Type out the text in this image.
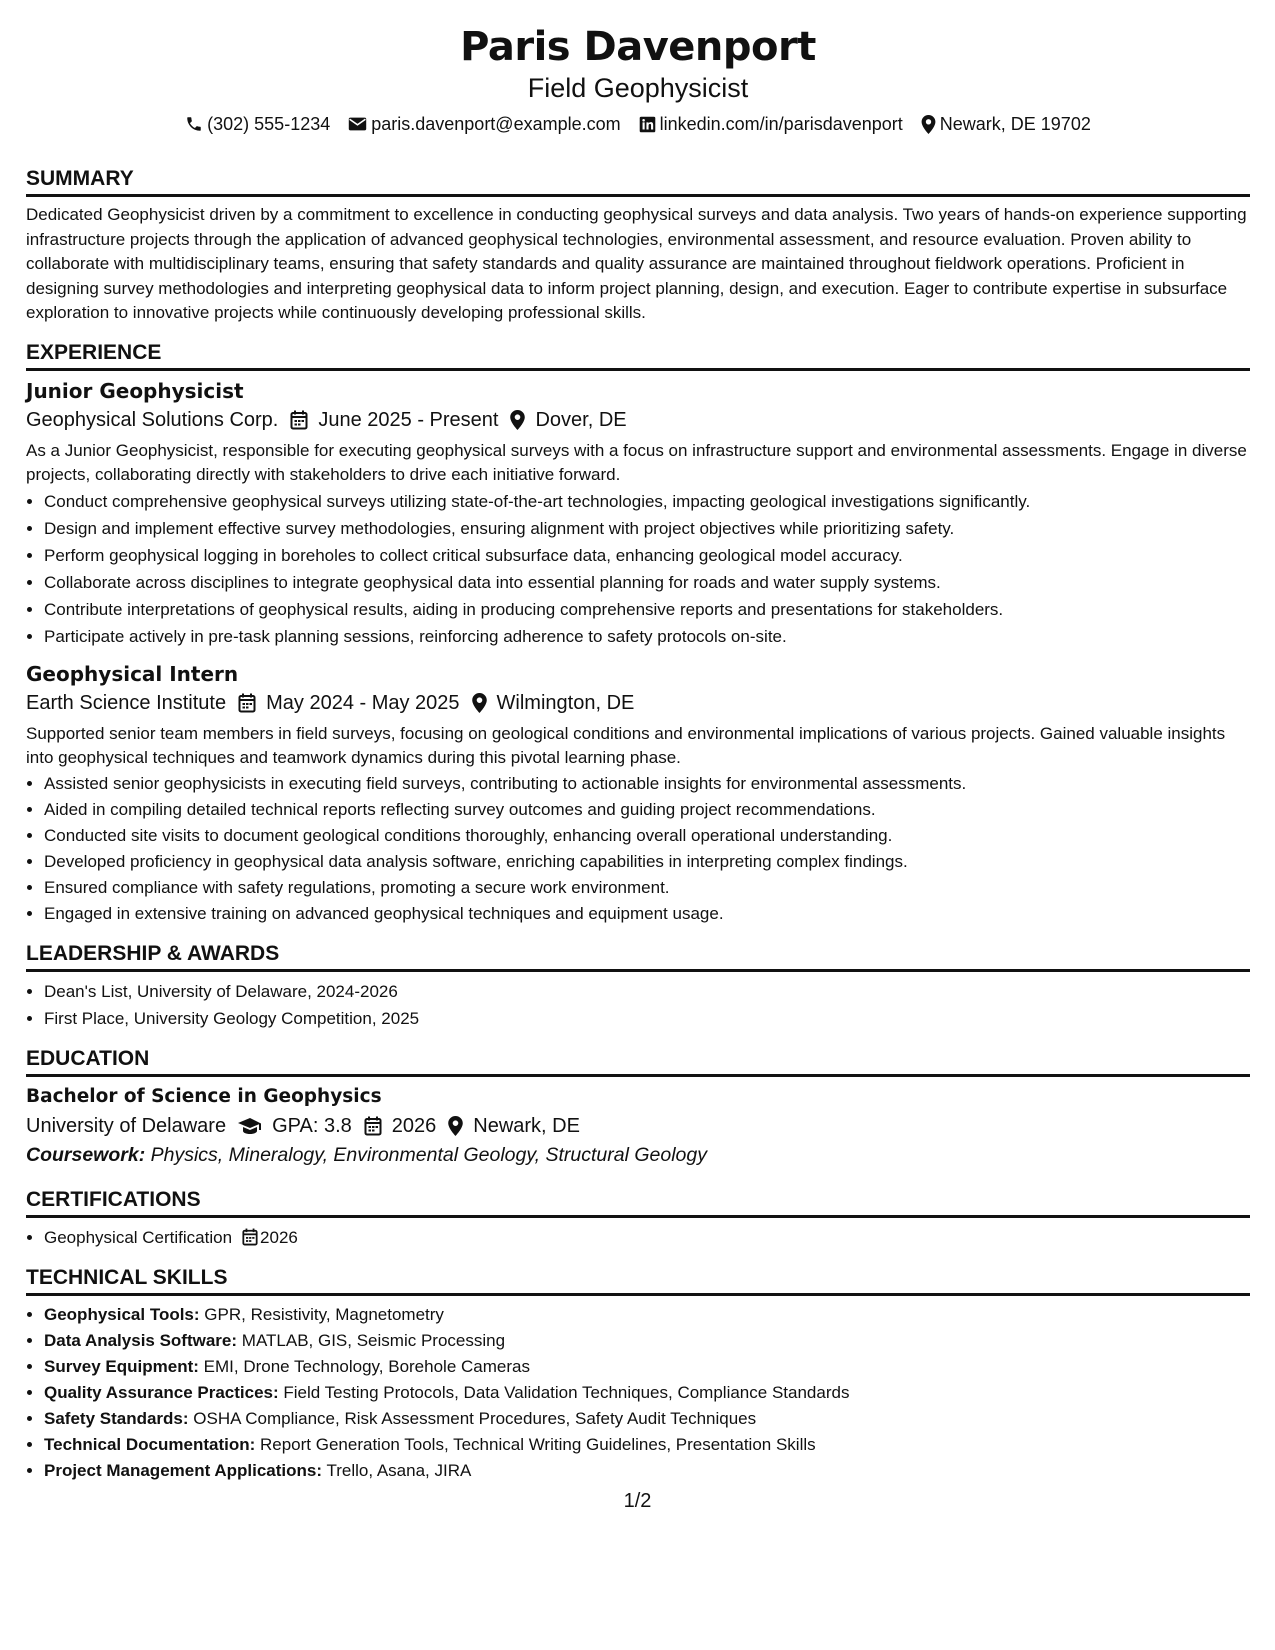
Paris Davenport
Field Geophysicist
(302) 555-1234 paris.davenport@example.com linkedin.com/in/parisdavenport Newark, DE 19702
SUMMARY

Dedicated Geophysicist driven by a commitment to excellence in conducting geophysical surveys and data analysis. Two years of hands-on experience supporting infrastructure projects through the application of advanced geophysical technologies, environmental assessment, and resource evaluation. Proven ability to collaborate with multidisciplinary teams, ensuring that safety standards and quality assurance are maintained throughout fieldwork operations. Proficient in designing survey methodologies and interpreting geophysical data to inform project planning, design, and execution. Eager to contribute expertise in subsurface exploration to innovative projects while continuously developing professional skills.

EXPERIENCE
Junior Geophysicist
Geophysical Solutions Corp. June 2025 - Present Dover, DE

As a Junior Geophysicist, responsible for executing geophysical surveys with a focus on infrastructure support and environmental assessments. Engage in diverse projects, collaborating directly with stakeholders to drive each initiative forward.

• Conduct comprehensive geophysical surveys utilizing state-of-the-art technologies, impacting geological investigations significantly.
• Design and implement effective survey methodologies, ensuring alignment with project objectives while prioritizing safety.
• Perform geophysical logging in boreholes to collect critical subsurface data, enhancing geological model accuracy.
• Collaborate across disciplines to integrate geophysical data into essential planning for roads and water supply systems.
• Contribute interpretations of geophysical results, aiding in producing comprehensive reports and presentations for stakeholders.
• Participate actively in pre-task planning sessions, reinforcing adherence to safety protocols on-site.
Geophysical Intern
Earth Science Institute May 2024 - May 2025 Wilmington, DE

Supported senior team members in field surveys, focusing on geological conditions and environmental implications of various projects. Gained valuable insights into geophysical techniques and teamwork dynamics during this pivotal learning phase.

• Assisted senior geophysicists in executing field surveys, contributing to actionable insights for environmental assessments.
• Aided in compiling detailed technical reports reflecting survey outcomes and guiding project recommendations.
• Conducted site visits to document geological conditions thoroughly, enhancing overall operational understanding.
• Developed proficiency in geophysical data analysis software, enriching capabilities in interpreting complex findings.
• Ensured compliance with safety regulations, promoting a secure work environment.
• Engaged in extensive training on advanced geophysical techniques and equipment usage.
LEADERSHIP & AWARDS
• Dean's List, University of Delaware, 2024-2026
• First Place, University Geology Competition, 2025
EDUCATION
Bachelor of Science in Geophysics
University of Delaware GPA: 3.8 2026 Newark, DE
Coursework: Physics, Mineralogy, Environmental Geology, Structural Geology
CERTIFICATIONS
• Geophysical Certification 2026
TECHNICAL SKILLS
• Geophysical Tools: GPR, Resistivity, Magnetometry
• Data Analysis Software: MATLAB, GIS, Seismic Processing
• Survey Equipment: EMI, Drone Technology, Borehole Cameras
• Quality Assurance Practices: Field Testing Protocols, Data Validation Techniques, Compliance Standards
• Safety Standards: OSHA Compliance, Risk Assessment Procedures, Safety Audit Techniques
• Technical Documentation: Report Generation Tools, Technical Writing Guidelines, Presentation Skills
• Project Management Applications: Trello, Asana, JIRA
1/2
